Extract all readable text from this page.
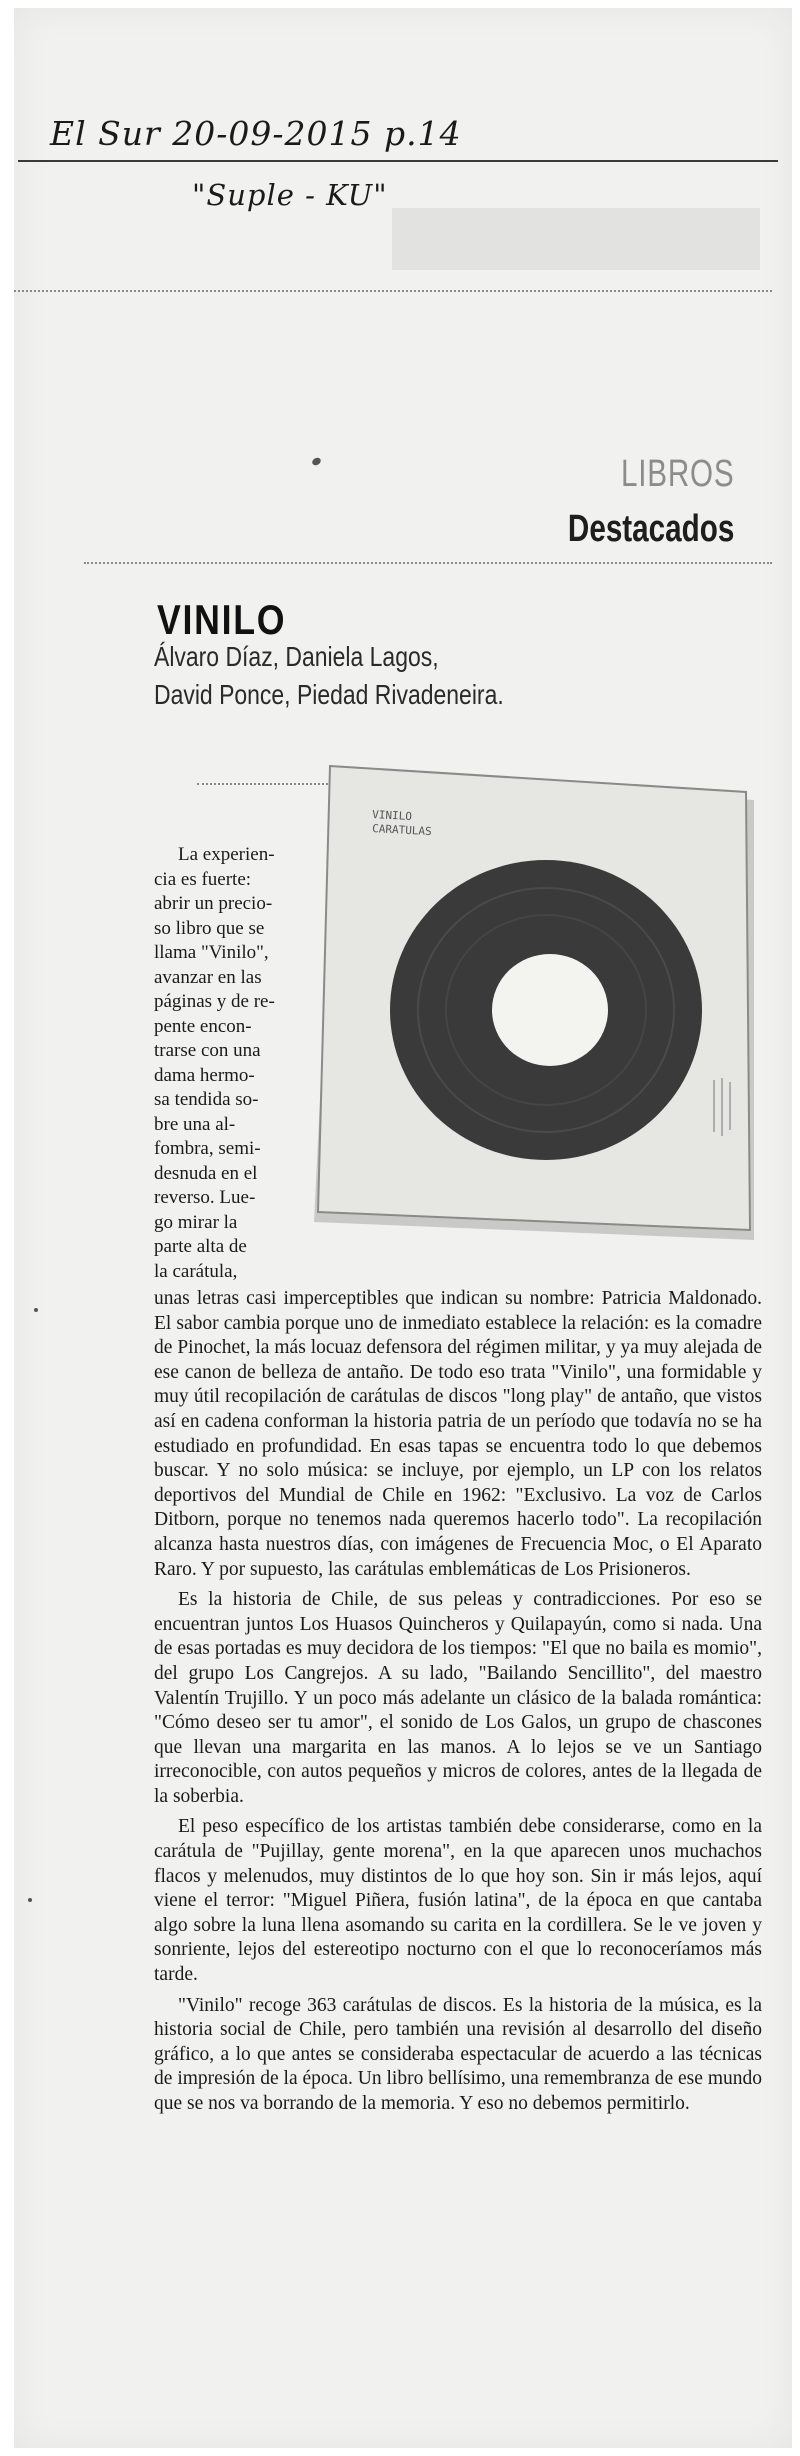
El Sur 20-09-2015 p.14
"Suple - KU"
LIBROS
Destacados
VINILO
Álvaro Díaz, Daniela Lagos,
David Ponce, Piedad Rivadeneira.
VINILO
CARATULAS
La experien-
cia es fuerte:
abrir un precio-
so libro que se
llama "Vinilo",
avanzar en las
páginas y de re-
pente encon-
trarse con una
dama hermo-
sa tendida so-
bre una al-
fombra, semi-
desnuda en el
reverso. Lue-
go mirar la
parte alta de
la carátula,

unas letras casi imperceptibles que indican su nombre: Patricia Maldonado. El sabor cambia porque uno de inmediato establece la relación: es la comadre de Pinochet, la más locuaz defensora del régimen militar, y ya muy alejada de ese canon de belleza de antaño. De todo eso trata "Vinilo", una formidable y muy útil recopilación de carátulas de discos "long play" de antaño, que vistos así en cadena conforman la historia patria de un período que todavía no se ha estudiado en profundidad. En esas tapas se encuentra todo lo que debemos buscar. Y no solo música: se incluye, por ejemplo, un LP con los relatos deportivos del Mundial de Chile en 1962: "Exclusivo. La voz de Carlos Ditborn, porque no tenemos nada queremos hacerlo todo". La recopilación alcanza hasta nuestros días, con imágenes de Frecuencia Moc, o El Aparato Raro. Y por supuesto, las carátulas emblemáticas de Los Prisioneros.

Es la historia de Chile, de sus peleas y contradicciones. Por eso se encuentran juntos Los Huasos Quincheros y Quilapayún, como si nada. Una de esas portadas es muy decidora de los tiempos: "El que no baila es momio", del grupo Los Cangrejos. A su lado, "Bailando Sencillito", del maestro Valentín Trujillo. Y un poco más adelante un clásico de la balada romántica: "Cómo deseo ser tu amor", el sonido de Los Galos, un grupo de chascones que llevan una margarita en las manos. A lo lejos se ve un Santiago irreconocible, con autos pequeños y micros de colores, antes de la llegada de la soberbia.

El peso específico de los artistas también debe considerarse, como en la carátula de "Pujillay, gente morena", en la que aparecen unos muchachos flacos y melenudos, muy distintos de lo que hoy son. Sin ir más lejos, aquí viene el terror: "Miguel Piñera, fusión latina", de la época en que cantaba algo sobre la luna llena asomando su carita en la cordillera. Se le ve joven y sonriente, lejos del estereotipo nocturno con el que lo reconoceríamos más tarde.

"Vinilo" recoge 363 carátulas de discos. Es la historia de la música, es la historia social de Chile, pero también una revisión al desarrollo del diseño gráfico, a lo que antes se consideraba espectacular de acuerdo a las técnicas de impresión de la época. Un libro bellísimo, una remembranza de ese mundo que se nos va borrando de la memoria. Y eso no debemos permitirlo.
